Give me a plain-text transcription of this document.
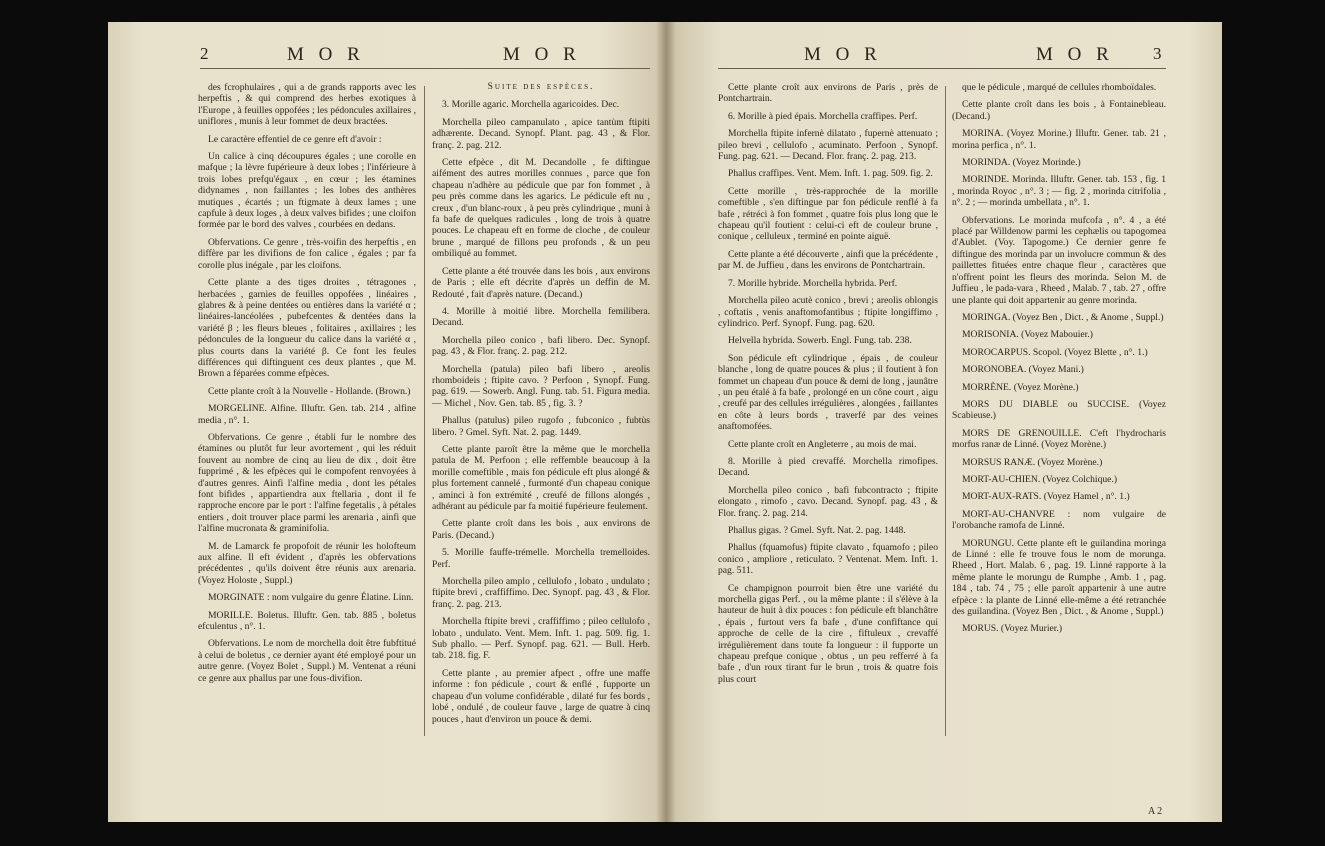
2	M O R	M O R	M O R	M O R 3

des fcrophulaires , qui a de grands rapports avec les herpeftis , & qui comprend des herbes exotiques à l'Europe , à feuilles oppofées ; les pédoncules axillaires , uniflores , munis à leur fommet de deux bractées.

Le caractère effentiel de ce genre eft d'avoir :

Un calice à cinq découpures égales ; une corolle en mafque ; la lèvre fupérieure à deux lobes ; l'inférieure à trois lobes prefqu'égaux , en cœur ; les étamines didynames , non faillantes ; les lobes des anthères mutiques , écartés ; un ftigmate à deux lames ; une capfule à deux loges , à deux valves bifides ; une cloifon formée par le bord des valves , courbées en dedans.

Obfervations. Ce genre , très-voifin des herpeftis , en diffère par les divifions de fon calice , égales ; par fa corolle plus inégale , par les cloifons.

Cette plante a des tiges droites , tétragones , herbacées , garnies de feuilles oppofées , linéaires , glabres & à peine dentées ou entières dans la variété α ; linéaires-lancéolées , pubefcentes & dentées dans la variété β ; les fleurs bleues , folitaires , axillaires ; les pédoncules de la longueur du calice dans la variété α , plus courts dans la variété β. Ce font les feules différences qui diftinguent ces deux plantes , que M. Brown a féparées comme efpèces.

Cette plante croît à la Nouvelle - Hollande. (Brown.)

MORGELINE. Alfine. Illuftr. Gen. tab. 214 , alfine media , n°. 1.

Obfervations. Ce genre , établi fur le nombre des étamines ou plutôt fur leur avortement , qui les réduit fouvent au nombre de cinq au lieu de dix , doit être fupprimé , & les efpèces qui le compofent renvoyées à d'autres genres. Ainfi l'alfine media , dont les pétales font bifides , appartiendra aux ftellaria , dont il fe rapproche encore par le port : l'alfine fegetalis , à pétales entiers , doit trouver place parmi les arenaria , ainfi que l'alfine mucronata & graminifolia.

M. de Lamarck fe propofoit de réunir les holofteum aux alfine. Il eft évident , d'après les obfervations précédentes , qu'ils doivent être réunis aux arenaria. (Voyez Holoste , Suppl.)

MORGINATE : nom vulgaire du genre Élatine. Linn.

MORILLE. Boletus. Illuftr. Gen. tab. 885 , boletus efculentus , n°. 1.

Obfervations. Le nom de morchella doit être fubftitué à celui de boletus , ce dernier ayant été employé pour un autre genre. (Voyez Bolet , Suppl.) M. Ventenat a réuni ce genre aux phallus par une fous-divifion.

Suite des espèces.

3. Morille agaric. Morchella agaricoides. Dec.

Morchella pileo campanulato , apice tantùm ftipiti adhærente. Decand. Synopf. Plant. pag. 43 , & Flor. franç. 2. pag. 212.

Cette efpèce , dit M. Decandolle , fe diftingue aifément des autres morilles connues , parce que fon chapeau n'adhère au pédicule que par fon fommet , à peu près comme dans les agarics. Le pédicule eft nu , creux , d'un blanc-roux , à peu près cylindrique , muni à fa bafe de quelques radicules , long de trois à quatre pouces. Le chapeau eft en forme de cloche , de couleur brune , marqué de fillons peu profonds , & un peu ombiliqué au fommet.

Cette plante a été trouvée dans les bois , aux environs de Paris ; elle eft décrite d'après un deffin de M. Redouté , fait d'après nature. (Decand.)

4. Morille à moitié libre. Morchella femilibera. Decand.

Morchella pileo conico , bafi libero. Dec. Synopf. pag. 43 , & Flor. franç. 2. pag. 212.

Morchella (patula) pileo bafi libero , areolis rhomboideis ; ftipite cavo. ? Perfoon , Synopf. Fung. pag. 619. — Sowerb. Angl. Fung. tab. 51. Figura media. — Michel , Nov. Gen. tab. 85 , fig. 3. ?

Phallus (patulus) pileo rugofo , fubconico , fubtùs libero. ? Gmel. Syft. Nat. 2. pag. 1449.

Cette plante paroît être la même que le morchella patula de M. Perfoon ; elle reffemble beaucoup à la morille comeftible , mais fon pédicule eft plus alongé & plus fortement cannelé , furmonté d'un chapeau conique , aminci à fon extrémité , creufé de fillons alongés , adhérant au pédicule par fa moitié fupérieure feulement.

Cette plante croît dans les bois , aux environs de Paris. (Decand.)

5. Morille fauffe-trémelle. Morchella tremelloides. Perf.

Morchella pileo amplo , cellulofo , lobato , undulato ; ftipite brevi , craffiffimo. Dec. Synopf. pag. 43 , & Flor. franç. 2. pag. 213.

Morchella ftipite brevi , craffiffimo ; pileo cellulofo , lobato , undulato. Vent. Mem. Inft. 1. pag. 509. fig. 1. Sub phallo. — Perf. Synopf. pag. 621. — Bull. Herb. tab. 218. fig. F.

Cette plante , au premier afpect , offre une maffe informe : fon pédicule , court & enflé , fupporte un chapeau d'un volume confidérable , dilaté fur fes bords , lobé , ondulé , de couleur fauve , large de quatre à cinq pouces , haut d'environ un pouce & demi.

Cette plante croît aux environs de Paris , près de Pontchartrain.

6. Morille à pied épais. Morchella craffipes. Perf.

Morchella ftipite infernè dilatato , fupernè attenuato ; pileo brevi , cellulofo , acuminato. Perfoon , Synopf. Fung. pag. 621. — Decand. Flor. franç. 2. pag. 213.

Phallus craffipes. Vent. Mem. Inft. 1. pag. 509. fig. 2.

Cette morille , très-rapprochée de la morille comeftible , s'en diftingue par fon pédicule renflé à fa bafe , rétréci à fon fommet , quatre fois plus long que le chapeau qu'il foutient : celui-ci eft de couleur brune , conique , celluleux , terminé en pointe aiguë.

Cette plante a été découverte , ainfi que la précédente , par M. de Juffieu , dans les environs de Pontchartrain.

7. Morille hybride. Morchella hybrida. Perf.

Morchella pileo acutè conico , brevi ; areolis oblongis , coftatis , venis anaftomofantibus ; ftipite longiffimo , cylindrico. Perf. Synopf. Fung. pag. 620.

Helvella hybrida. Sowerb. Engl. Fung. tab. 238.

Son pédicule eft cylindrique , épais , de couleur blanche , long de quatre pouces & plus ; il foutient à fon fommet un chapeau d'un pouce & demi de long , jaunâtre , un peu étalé à fa bafe , prolongé en un cône court , aigu , creufé par des cellules irrégulières , alongées , faillantes en côte à leurs bords , traverfé par des veines anaftomofées.

Cette plante croît en Angleterre , au mois de mai.

8. Morille à pied crevaffé. Morchella rimofipes. Decand.

Morchella pileo conico , bafi fubcontracto ; ftipite elongato , rimofo , cavo. Decand. Synopf. pag. 43 , & Flor. franç. 2. pag. 214.

Phallus gigas. ? Gmel. Syft. Nat. 2. pag. 1448.

Phallus (fquamofus) ftipite clavato , fquamofo ; pileo conico , ampliore , reticulato. ? Ventenat. Mem. Inft. 1. pag. 511.

Ce champignon pourroit bien être une variété du morchella gigas Perf. , ou la même plante : il s'élève à la hauteur de huit à dix pouces : fon pédicule eft blanchâtre , épais , furtout vers fa bafe , d'une confiftance qui approche de celle de la cire , fiftuleux , crevaffé irrégulièrement dans toute fa longueur : il fupporte un chapeau prefque conique , obtus , un peu refferré à fa bafe , d'un roux tirant fur le brun , trois & quatre fois plus court

que le pédicule , marqué de cellules rhomboïdales.

Cette plante croît dans les bois , à Fontainebleau. (Decand.)

MORINA. (Voyez Morine.) Illuftr. Gener. tab. 21 , morina perfica , n°. 1.

MORINDA. (Voyez Morinde.)

MORINDE. Morinda. Illuftr. Gener. tab. 153 , fig. 1 , morinda Royoc , n°. 3 ; — fig. 2 , morinda citrifolia , n°. 2 ; — morinda umbellata , n°. 1.

Obfervations. Le morinda mufcofa , n°. 4 , a été placé par Willdenow parmi les cephælis ou tapogomea d'Aublet. (Voy. Tapogome.) Ce dernier genre fe diftingue des morinda par un involucre commun & des paillettes fituées entre chaque fleur , caractères que n'offrent point les fleurs des morinda. Selon M. de Juffieu , le pada-vara , Rheed , Malab. 7 , tab. 27 , offre une plante qui doit appartenir au genre morinda.

MORINGA. (Voyez Ben , Dict. , & Anome , Suppl.)

MORISONIA. (Voyez Mabouier.)

MOROCARPUS. Scopol. (Voyez Blette , n°. 1.)

MORONOBEA. (Voyez Mani.)

MORRÈNE. (Voyez Morène.)

MORS DU DIABLE ou SUCCISE. (Voyez Scabieuse.)

MORS DE GRENOUILLE. C'eft l'hydrocharis morfus ranæ de Linné. (Voyez Morène.)

MORSUS RANÆ. (Voyez Morène.)

MORT-AU-CHIEN. (Voyez Colchique.)

MORT-AUX-RATS. (Voyez Hamel , n°. 1.)

MORT-AU-CHANVRE : nom vulgaire de l'orobanche ramofa de Linné.

MORUNGU. Cette plante eft le guilandina moringa de Linné : elle fe trouve fous le nom de morunga. Rheed , Hort. Malab. 6 , pag. 19. Linné rapporte à la même plante le morungu de Rumphe , Amb. 1 , pag. 184 , tab. 74 , 75 ; elle paroît appartenir à une autre efpèce : la plante de Linné elle-même a été retranchée des guilandina. (Voyez Ben , Dict. , & Anome , Suppl.)

MORUS. (Voyez Murier.)

A 2
